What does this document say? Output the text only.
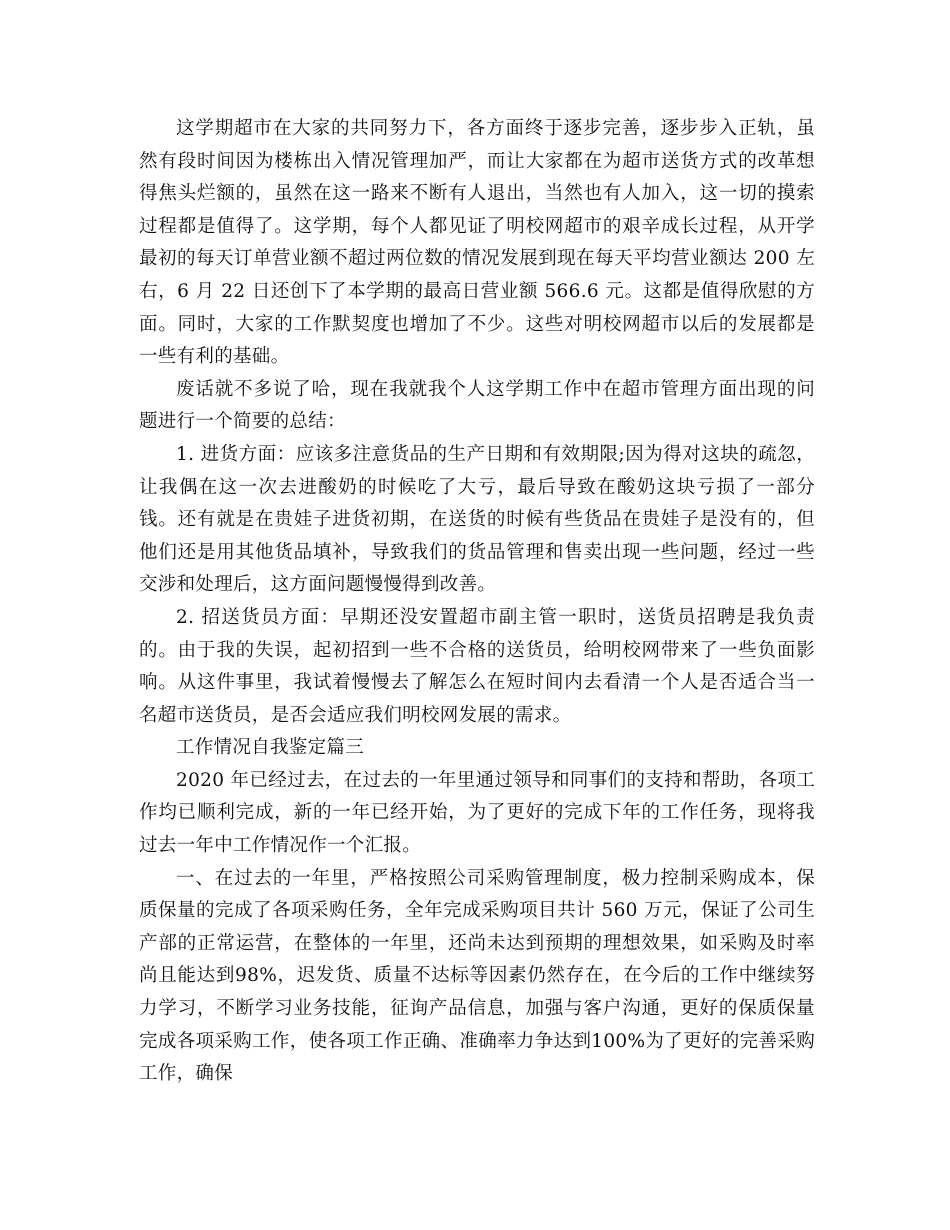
这学期超市在大家的共同努力下，各方面终于逐步完善，逐步步入正轨，虽然有段时间因为楼栋出入情况管理加严，而让大家都在为超市送货方式的改革想得焦头烂额的，虽然在这一路来不断有人退出，当然也有人加入，这一切的摸索过程都是值得了。这学期，每个人都见证了明校网超市的艰辛成长过程，从开学最初的每天订单营业额不超过两位数的情况发展到现在每天平均营业额达 200 左右，6 月 22 日还创下了本学期的最高日营业额 566.6 元。这都是值得欣慰的方面。同时，大家的工作默契度也增加了不少。这些对明校网超市以后的发展都是一些有利的基础。

废话就不多说了哈，现在我就我个人这学期工作中在超市管理方面出现的问题进行一个简要的总结：

1. 进货方面：应该多注意货品的生产日期和有效期限;因为得对这块的疏忽，让我偶在这一次去进酸奶的时候吃了大亏，最后导致在酸奶这块亏损了一部分钱。还有就是在贵娃子进货初期，在送货的时候有些货品在贵娃子是没有的，但他们还是用其他货品填补，导致我们的货品管理和售卖出现一些问题，经过一些交涉和处理后，这方面问题慢慢得到改善。

2. 招送货员方面：早期还没安置超市副主管一职时，送货员招聘是我负责的。由于我的失误，起初招到一些不合格的送货员，给明校网带来了一些负面影响。从这件事里，我试着慢慢去了解怎么在短时间内去看清一个人是否适合当一名超市送货员，是否会适应我们明校网发展的需求。

工作情况自我鉴定篇三

2020 年已经过去，在过去的一年里通过领导和同事们的支持和帮助，各项工作均已顺利完成，新的一年已经开始，为了更好的完成下年的工作任务，现将我过去一年中工作情况作一个汇报。

一、在过去的一年里，严格按照公司采购管理制度，极力控制采购成本，保质保量的完成了各项采购任务，全年完成采购项目共计 560 万元，保证了公司生产部的正常运营，在整体的一年里，还尚未达到预期的理想效果，如采购及时率尚且能达到98%，迟发货、质量不达标等因素仍然存在，在今后的工作中继续努力学习，不断学习业务技能，征询产品信息，加强与客户沟通，更好的保质保量完成各项采购工作，使各项工作正确、准确率力争达到100%为了更好的完善采购工作，确保
